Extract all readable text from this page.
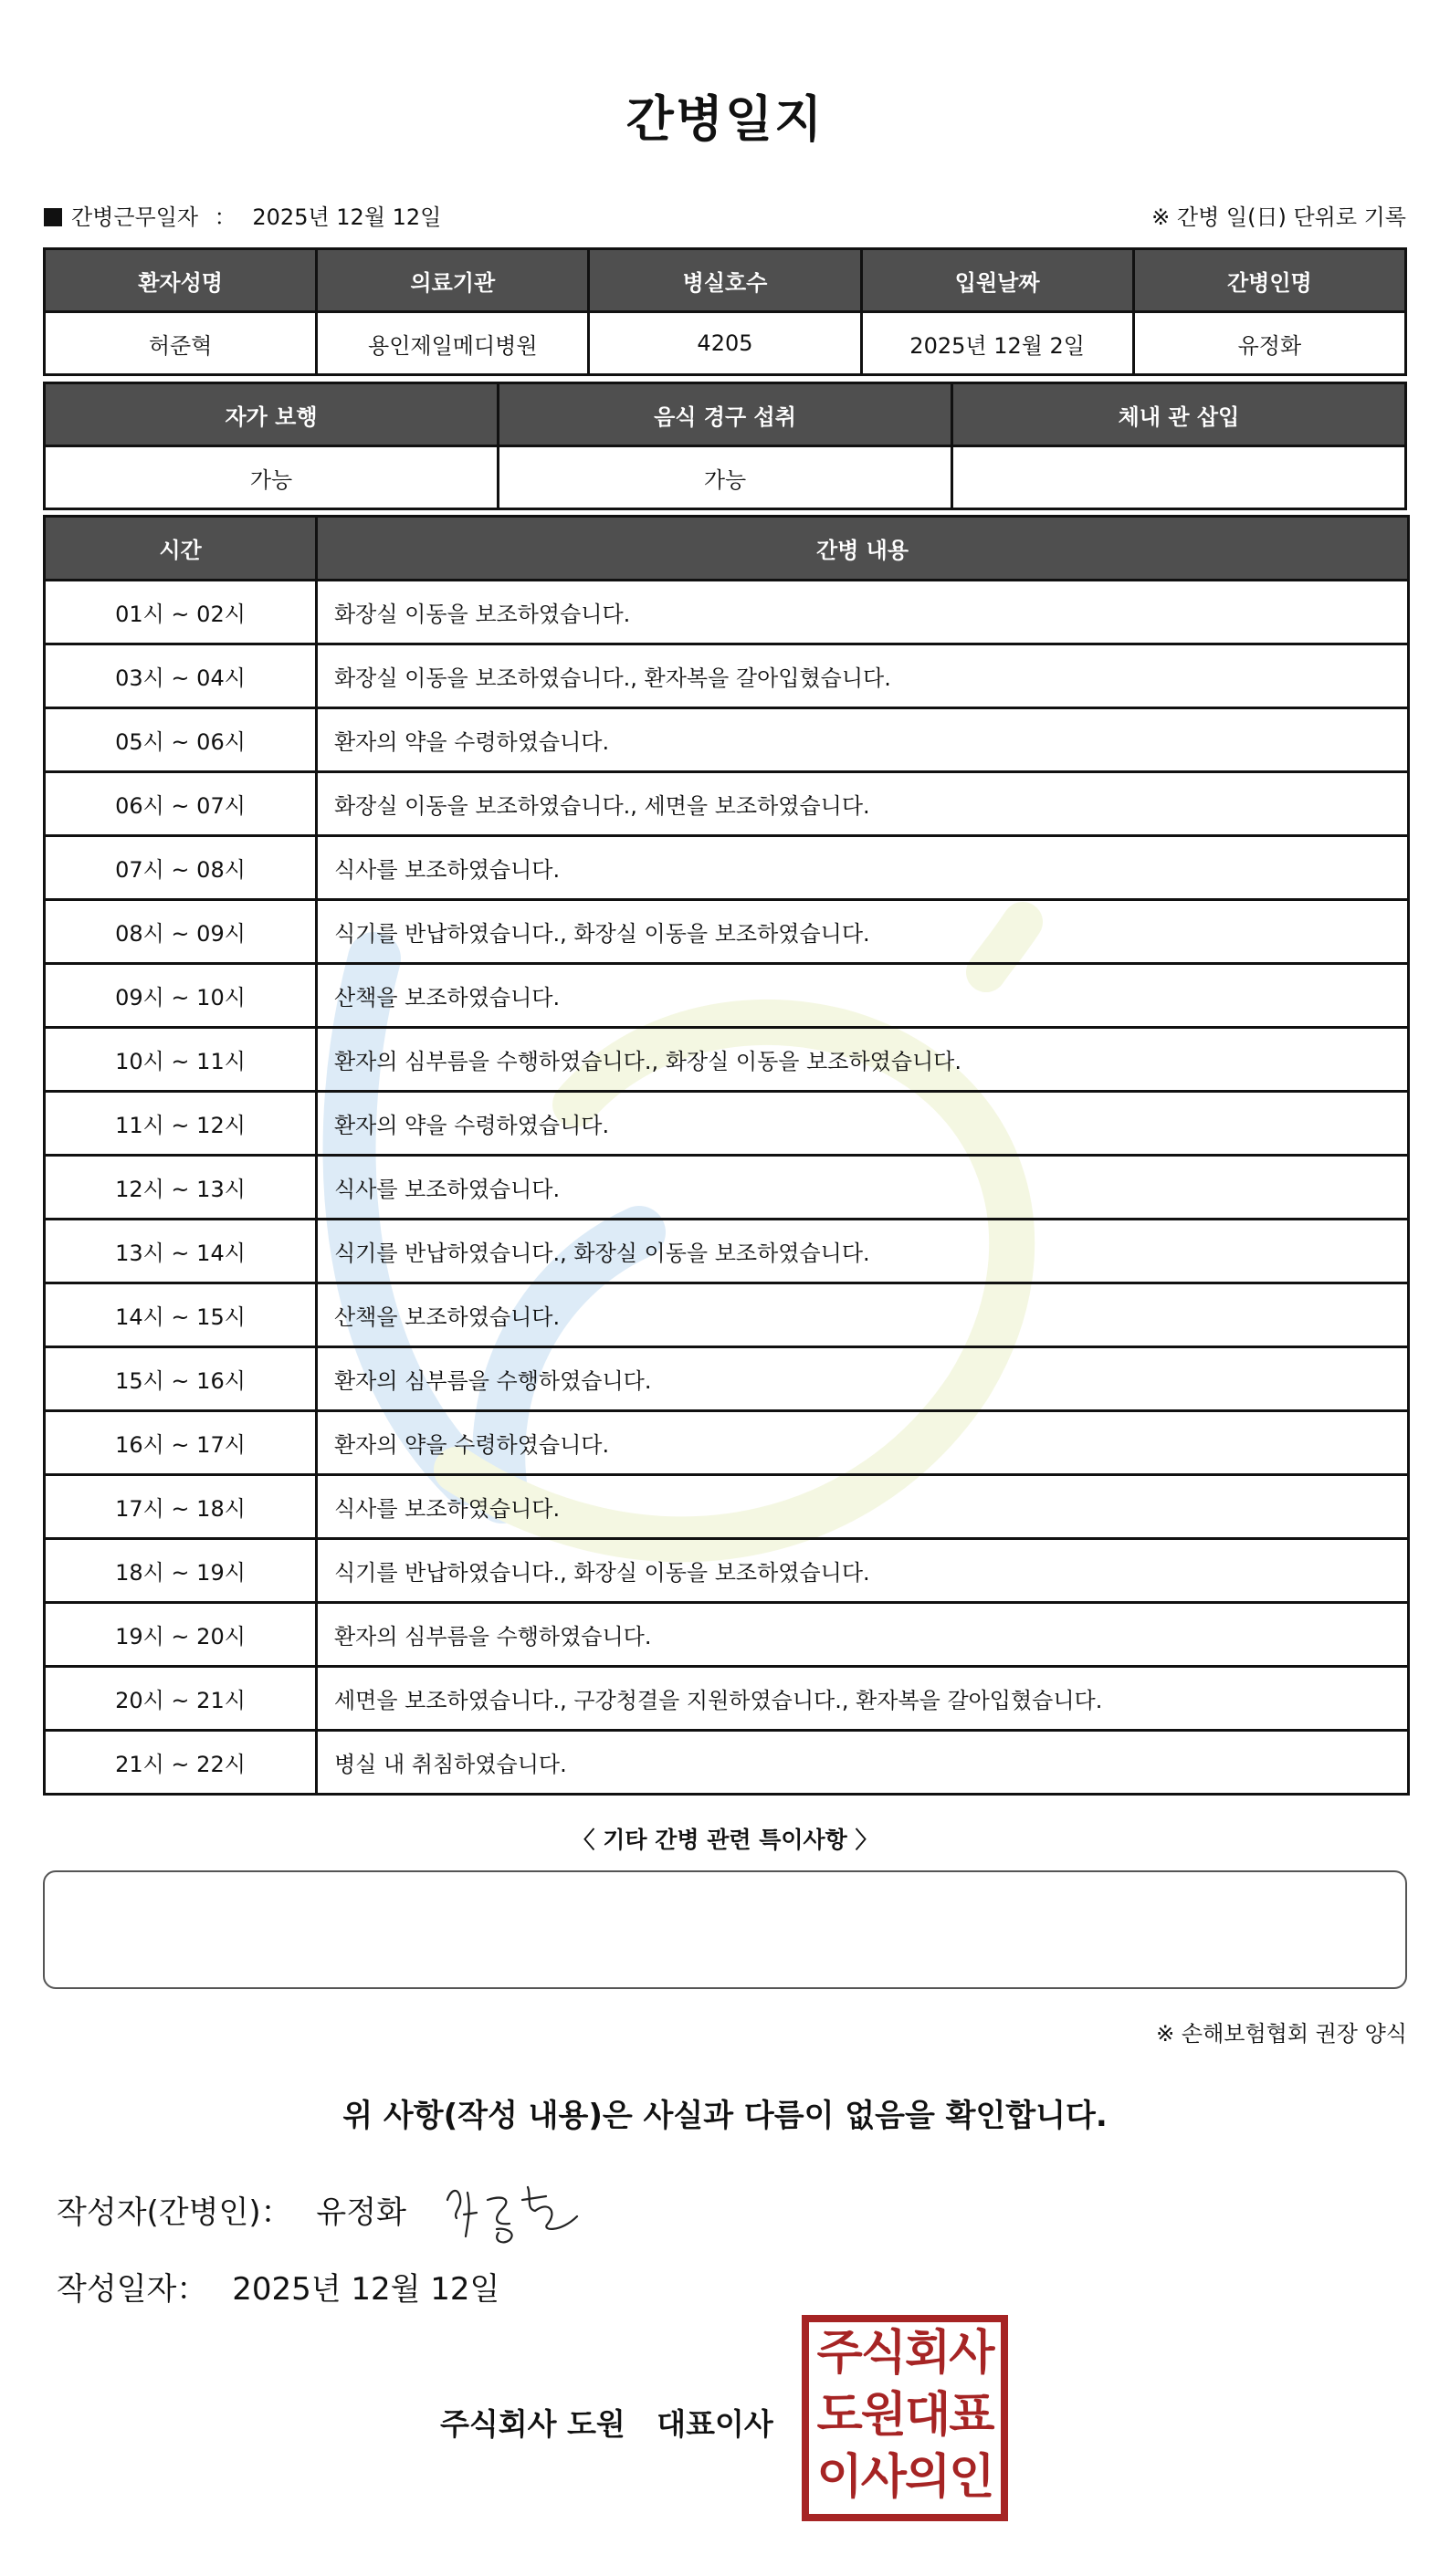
간병일지
간병근무일자 ： 2025년 12월 12일	※ 간병 일(日) 단위로 기록
환자성명	의료기관	병실호수	입원날짜	간병인명
허준혁	용인제일메디병원	4205	2025년 12월 2일	유정화
자가 보행	음식 경구 섭취	체내 관 삽입
가능	가능	
시간	간병 내용
01시 ~ 02시	화장실 이동을 보조하였습니다.
03시 ~ 04시	화장실 이동을 보조하였습니다., 환자복을 갈아입혔습니다.
05시 ~ 06시	환자의 약을 수령하였습니다.
06시 ~ 07시	화장실 이동을 보조하였습니다., 세면을 보조하였습니다.
07시 ~ 08시	식사를 보조하였습니다.
08시 ~ 09시	식기를 반납하였습니다., 화장실 이동을 보조하였습니다.
09시 ~ 10시	산책을 보조하였습니다.
10시 ~ 11시	환자의 심부름을 수행하였습니다., 화장실 이동을 보조하였습니다.
11시 ~ 12시	환자의 약을 수령하였습니다.
12시 ~ 13시	식사를 보조하였습니다.
13시 ~ 14시	식기를 반납하였습니다., 화장실 이동을 보조하였습니다.
14시 ~ 15시	산책을 보조하였습니다.
15시 ~ 16시	환자의 심부름을 수행하였습니다.
16시 ~ 17시	환자의 약을 수령하였습니다.
17시 ~ 18시	식사를 보조하였습니다.
18시 ~ 19시	식기를 반납하였습니다., 화장실 이동을 보조하였습니다.
19시 ~ 20시	환자의 심부름을 수행하였습니다.
20시 ~ 21시	세면을 보조하였습니다., 구강청결을 지원하였습니다., 환자복을 갈아입혔습니다.
21시 ~ 22시	병실 내 취침하였습니다.
〈 기타 간병 관련 특이사항 〉
※ 손해보험협회 권장 양식
위 사항(작성 내용)은 사실과 다름이 없음을 확인합니다.
작성자(간병인)： 유정화
작성일자： 2025년 12월 12일
주식회사 도원   대표이사
주식회사
도원대표
이사의인
